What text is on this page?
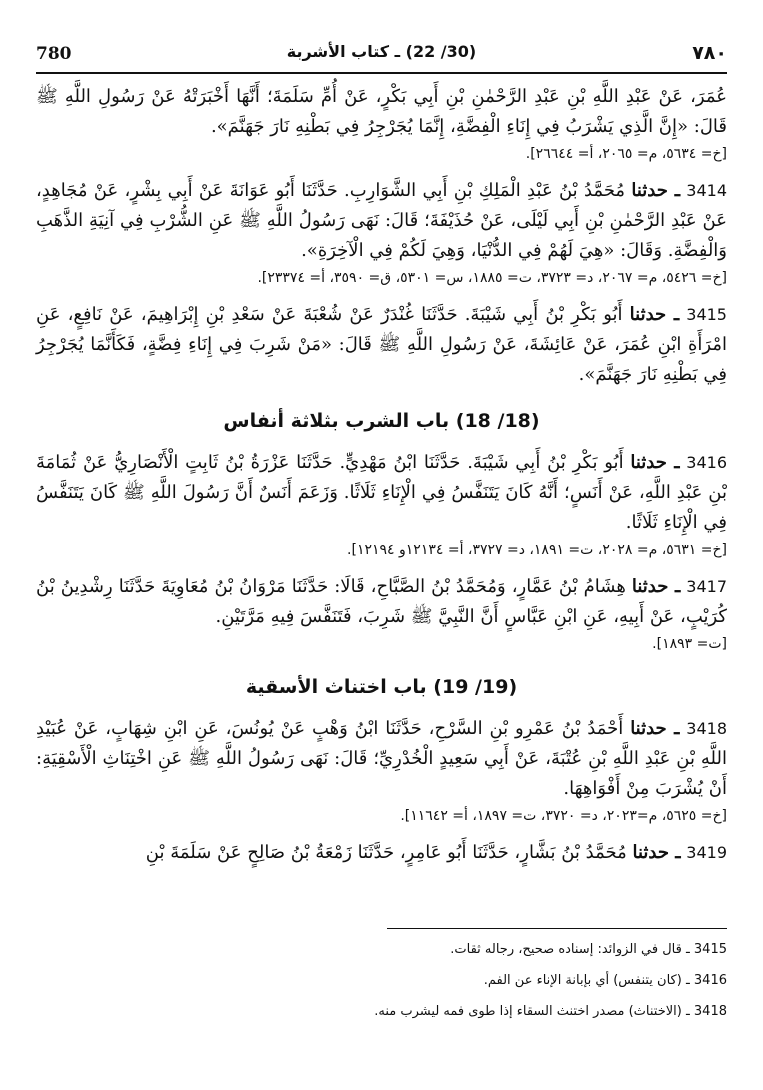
780	(30/ 22) ـ كتاب الأشربة	٧٨٠

عُمَرَ، عَنْ عَبْدِ اللَّهِ بْنِ عَبْدِ الرَّحْمٰنِ بْنِ أَبِي بَكْرٍ، عَنْ أُمِّ سَلَمَةَ؛ أَنَّهَا أَخْبَرَتْهُ عَنْ رَسُولِ اللَّهِ ﷺ قَالَ: «إِنَّ الَّذِي يَشْرَبُ فِي إِنَاءِ الْفِضَّةِ، إِنَّمَا يُجَرْجِرُ فِي بَطْنِهِ نَارَ جَهَنَّمَ».
[خ= ٥٦٣٤، م= ٢٠٦٥، أ= ٢٦٦٤٤].

3414 ـ حدثنا مُحَمَّدُ بْنُ عَبْدِ الْمَلِكِ بْنِ أَبِي الشَّوَارِبِ. حَدَّثَنَا أَبُو عَوَانَةَ عَنْ أَبِي بِشْرٍ، عَنْ مُجَاهِدٍ، عَنْ عَبْدِ الرَّحْمٰنِ بْنِ أَبِي لَيْلَى، عَنْ حُذَيْفَةَ؛ قَالَ: نَهَى رَسُولُ اللَّهِ ﷺ عَنِ الشُّرْبِ فِي آنِيَةِ الذَّهَبِ وَالْفِضَّةِ. وَقَالَ: «هِيَ لَهُمْ فِي الدُّنْيَا، وَهِيَ لَكُمْ فِي الْآخِرَةِ».
[خ= ٥٤٢٦، م= ٢٠٦٧، د= ٣٧٢٣، ت= ١٨٨٥، س= ٥٣٠١، ق= ٣٥٩٠، أ= ٢٣٣٧٤].

3415 ـ حدثنا أَبُو بَكْرِ بْنُ أَبِي شَيْبَةَ. حَدَّثَنَا غُنْدَرٌ عَنْ شُعْبَةَ عَنْ سَعْدِ بْنِ إِبْرَاهِيمَ، عَنْ نَافِعٍ، عَنِ امْرَأَةِ ابْنِ عُمَرَ، عَنْ عَائِشَةَ، عَنْ رَسُولِ اللَّهِ ﷺ قَالَ: «مَنْ شَرِبَ فِي إِنَاءِ فِضَّةٍ، فَكَأَنَّمَا يُجَرْجِرُ فِي بَطْنِهِ نَارَ جَهَنَّمَ».

(18/ 18) باب الشرب بثلاثة أنفاس

3416 ـ حدثنا أَبُو بَكْرِ بْنُ أَبِي شَيْبَةَ. حَدَّثَنَا ابْنُ مَهْدِيٍّ. حَدَّثَنَا عَزْرَةُ بْنُ ثَابِتٍ الْأَنْصَارِيُّ عَنْ ثُمَامَةَ بْنِ عَبْدِ اللَّهِ، عَنْ أَنَسٍ؛ أَنَّهُ كَانَ يَتَنَفَّسُ فِي الْإِنَاءِ ثَلَاثًا. وَزَعَمَ أَنَسٌ أَنَّ رَسُولَ اللَّهِ ﷺ كَانَ يَتَنَفَّسُ فِي الْإِنَاءِ ثَلَاثًا.
[خ= ٥٦٣١، م= ٢٠٢٨، ت= ١٨٩١، د= ٣٧٢٧، أ= ١٢١٣٤و ١٢١٩٤].

3417 ـ حدثنا هِشَامُ بْنُ عَمَّارٍ، وَمُحَمَّدُ بْنُ الصَّبَّاحِ، قَالَا: حَدَّثَنَا مَرْوَانُ بْنُ مُعَاوِيَةَ حَدَّثَنَا رِشْدِينُ بْنُ كُرَيْبٍ، عَنْ أَبِيهِ، عَنِ ابْنِ عَبَّاسٍ أَنَّ النَّبِيَّ ﷺ شَرِبَ، فَتَنَفَّسَ فِيهِ مَرَّتَيْنِ.
[ت= ١٨٩٣].

(19/ 19) باب اختناث الأسقية

3418 ـ حدثنا أَحْمَدُ بْنُ عَمْرِو بْنِ السَّرْحِ، حَدَّثَنَا ابْنُ وَهْبٍ عَنْ يُونُسَ، عَنِ ابْنِ شِهَابٍ، عَنْ عُبَيْدِ اللَّهِ بْنِ عَبْدِ اللَّهِ بْنِ عُتْبَةَ، عَنْ أَبِي سَعِيدٍ الْخُدْرِيِّ؛ قَالَ: نَهَى رَسُولُ اللَّهِ ﷺ عَنِ اخْتِنَاثِ الْأَسْقِيَةِ: أَنْ يُشْرَبَ مِنْ أَفْوَاهِهَا.
[خ= ٥٦٢٥، م=٢٠٢٣، د= ٣٧٢٠، ت= ١٨٩٧، أ= ١١٦٤٢].

3419 ـ حدثنا مُحَمَّدُ بْنُ بَشَّارٍ، حَدَّثَنَا أَبُو عَامِرٍ، حَدَّثَنَا زَمْعَةُ بْنُ صَالِحٍ عَنْ سَلَمَةَ بْنِ

3415 ـ قال في الزوائد: إسناده صحيح، رجاله ثقات.
3416 ـ (كان يتنفس) أي بإبانة الإناء عن الفم.
3418 ـ (الاختناث) مصدر اختنث السقاء إذا طوى فمه ليشرب منه.
